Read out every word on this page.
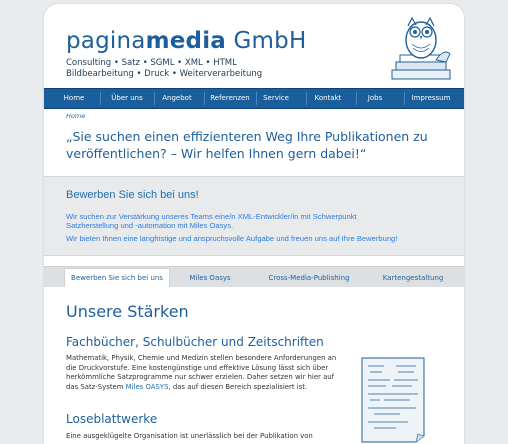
paginamedia GmbH
Consulting • Satz • SGML • XML • HTML
Bildbearbeitung • Druck • Weiterverarbeitung
Home	Über uns	Angebot	Referenzen	Service	Kontakt	Jobs	Impressum
Home
„Sie suchen einen effizienteren Weg Ihre Publikationen zu
veröffentlichen? – Wir helfen Ihnen gern dabei!“
Bewerben Sie sich bei uns!
Wir suchen zur Verstärkung unseres Teams eine/n XML-Entwickler/in mit Schwerpunkt
Satzherstellung und -automation mit Miles Oasys.
Wir bieten Ihnen eine langfristige und anspruchsvolle Aufgabe und freuen uns auf Ihre Bewerbung!
Bewerben Sie sich bei uns	Miles Oasys	Cross-Media-Publishing	Kartengestaltung
Unsere Stärken
Fachbücher, Schulbücher und Zeitschriften
Mathematik, Physik, Chemie und Medizin stellen besondere Anforderungen an
die Druckvorstufe. Eine kostengünstige und effektive Lösung lässt sich über
herkömmliche Satzprogramme nur schwer erzielen. Daher setzen wir hier auf
das Satz-System Miles OASYS, das auf diesen Bereich spezialisiert ist.
Loseblattwerke
Eine ausgeklügelte Organisation ist unerlässlich bei der Publikation von
